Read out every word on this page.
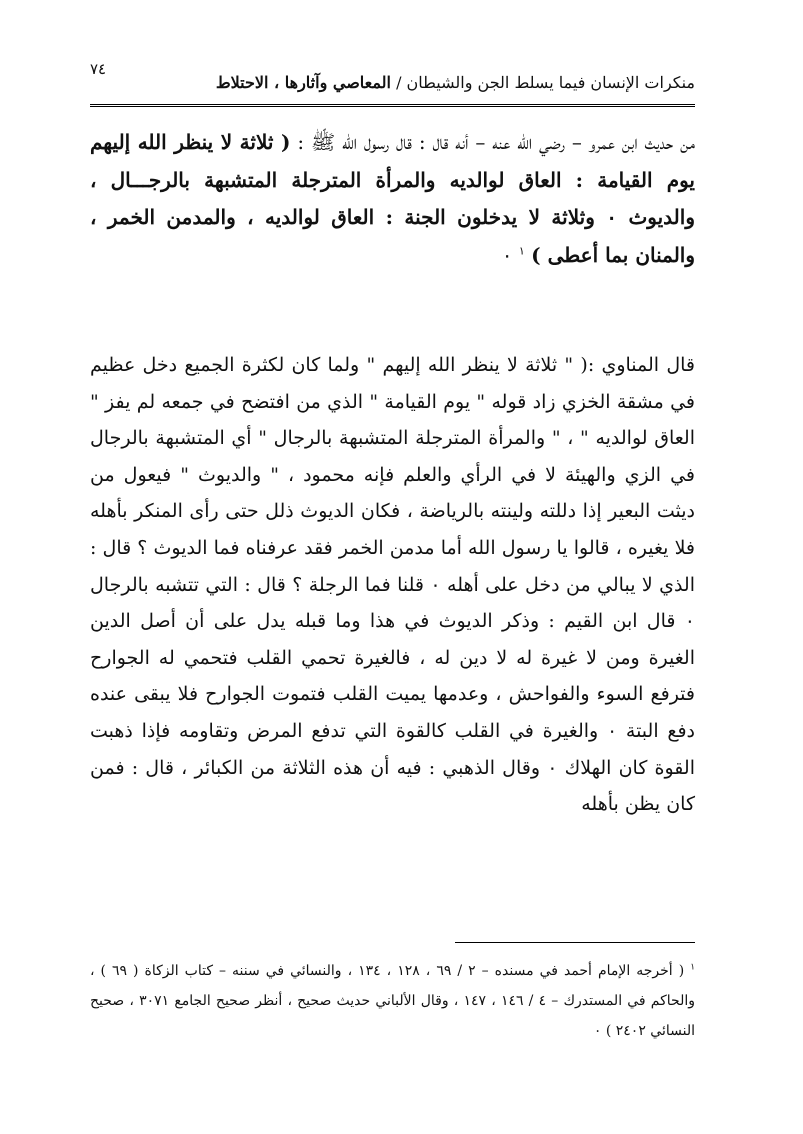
٧٤
منكرات الإنسان فيما يسلط الجن والشيطان / المعاصي وآثارها ، الاحتلاط
من حديث ابن عمرو – رضي الله عنه – أنه قال : قال رسول الله ﷺ : ( ثلاثة لا ينظر الله إليهم يوم القيامة : العاق لوالديه والمرأة المترجلة المتشبهة بالرجـــال ، والديوث ٠ وثلاثة لا يدخلون الجنة : العاق لوالديه ، والمدمن الخمر ، والمنان بما أعطى ) $^١$ ٠
قال المناوي :( " ثلاثة لا ينظر الله إليهم " ولما كان لكثرة الجميع دخل عظيم في مشقة الخزي زاد قوله " يوم القيامة " الذي من افتضح في جمعه لم يفز " العاق لوالديه " ، " والمرأة المترجلة المتشبهة بالرجال " أي المتشبهة بالرجال في الزي والهيئة لا في الرأي والعلم فإنه محمود ، " والديوث " فيعول من ديثت البعير إذا دللته ولينته بالرياضة ، فكان الديوث ذلل حتى رأى المنكر بأهله فلا يغيره ، قالوا يا رسول الله أما مدمن الخمر فقد عرفناه فما الديوث ؟ قال : الذي لا يبالي من دخل على أهله ٠ قلنا فما الرجلة ؟ قال : التي تتشبه بالرجال ٠ قال ابن القيم : وذكر الديوث في هذا وما قبله يدل على أن أصل الدين الغيرة ومن لا غيرة له لا دين له ، فالغيرة تحمي القلب فتحمي له الجوارح فترفع السوء والفواحش ، وعدمها يميت القلب فتموت الجوارح فلا يبقى عنده دفع البتة ٠ والغيرة في القلب كالقوة التي تدفع المرض وتقاومه فإذا ذهبت القوة كان الهلاك ٠ وقال الذهبي : فيه أن هذه الثلاثة من الكبائر ، قال : فمن كان يظن بأهله
$^١$ ( أخرجه الإمام أحمد في مسنده – ٢ / ٦٩ ، ١٢٨ ، ١٣٤ ، والنسائي في سننه – كتاب الزكاة ( ٦٩ ) ، والحاكم في المستدرك – ٤ / ١٤٦ ، ١٤٧ ، وقال الألباني حديث صحيح ، أنظر صحيح الجامع ٣٠٧١ ، صحيح النسائي ٢٤٠٢ ) ٠
